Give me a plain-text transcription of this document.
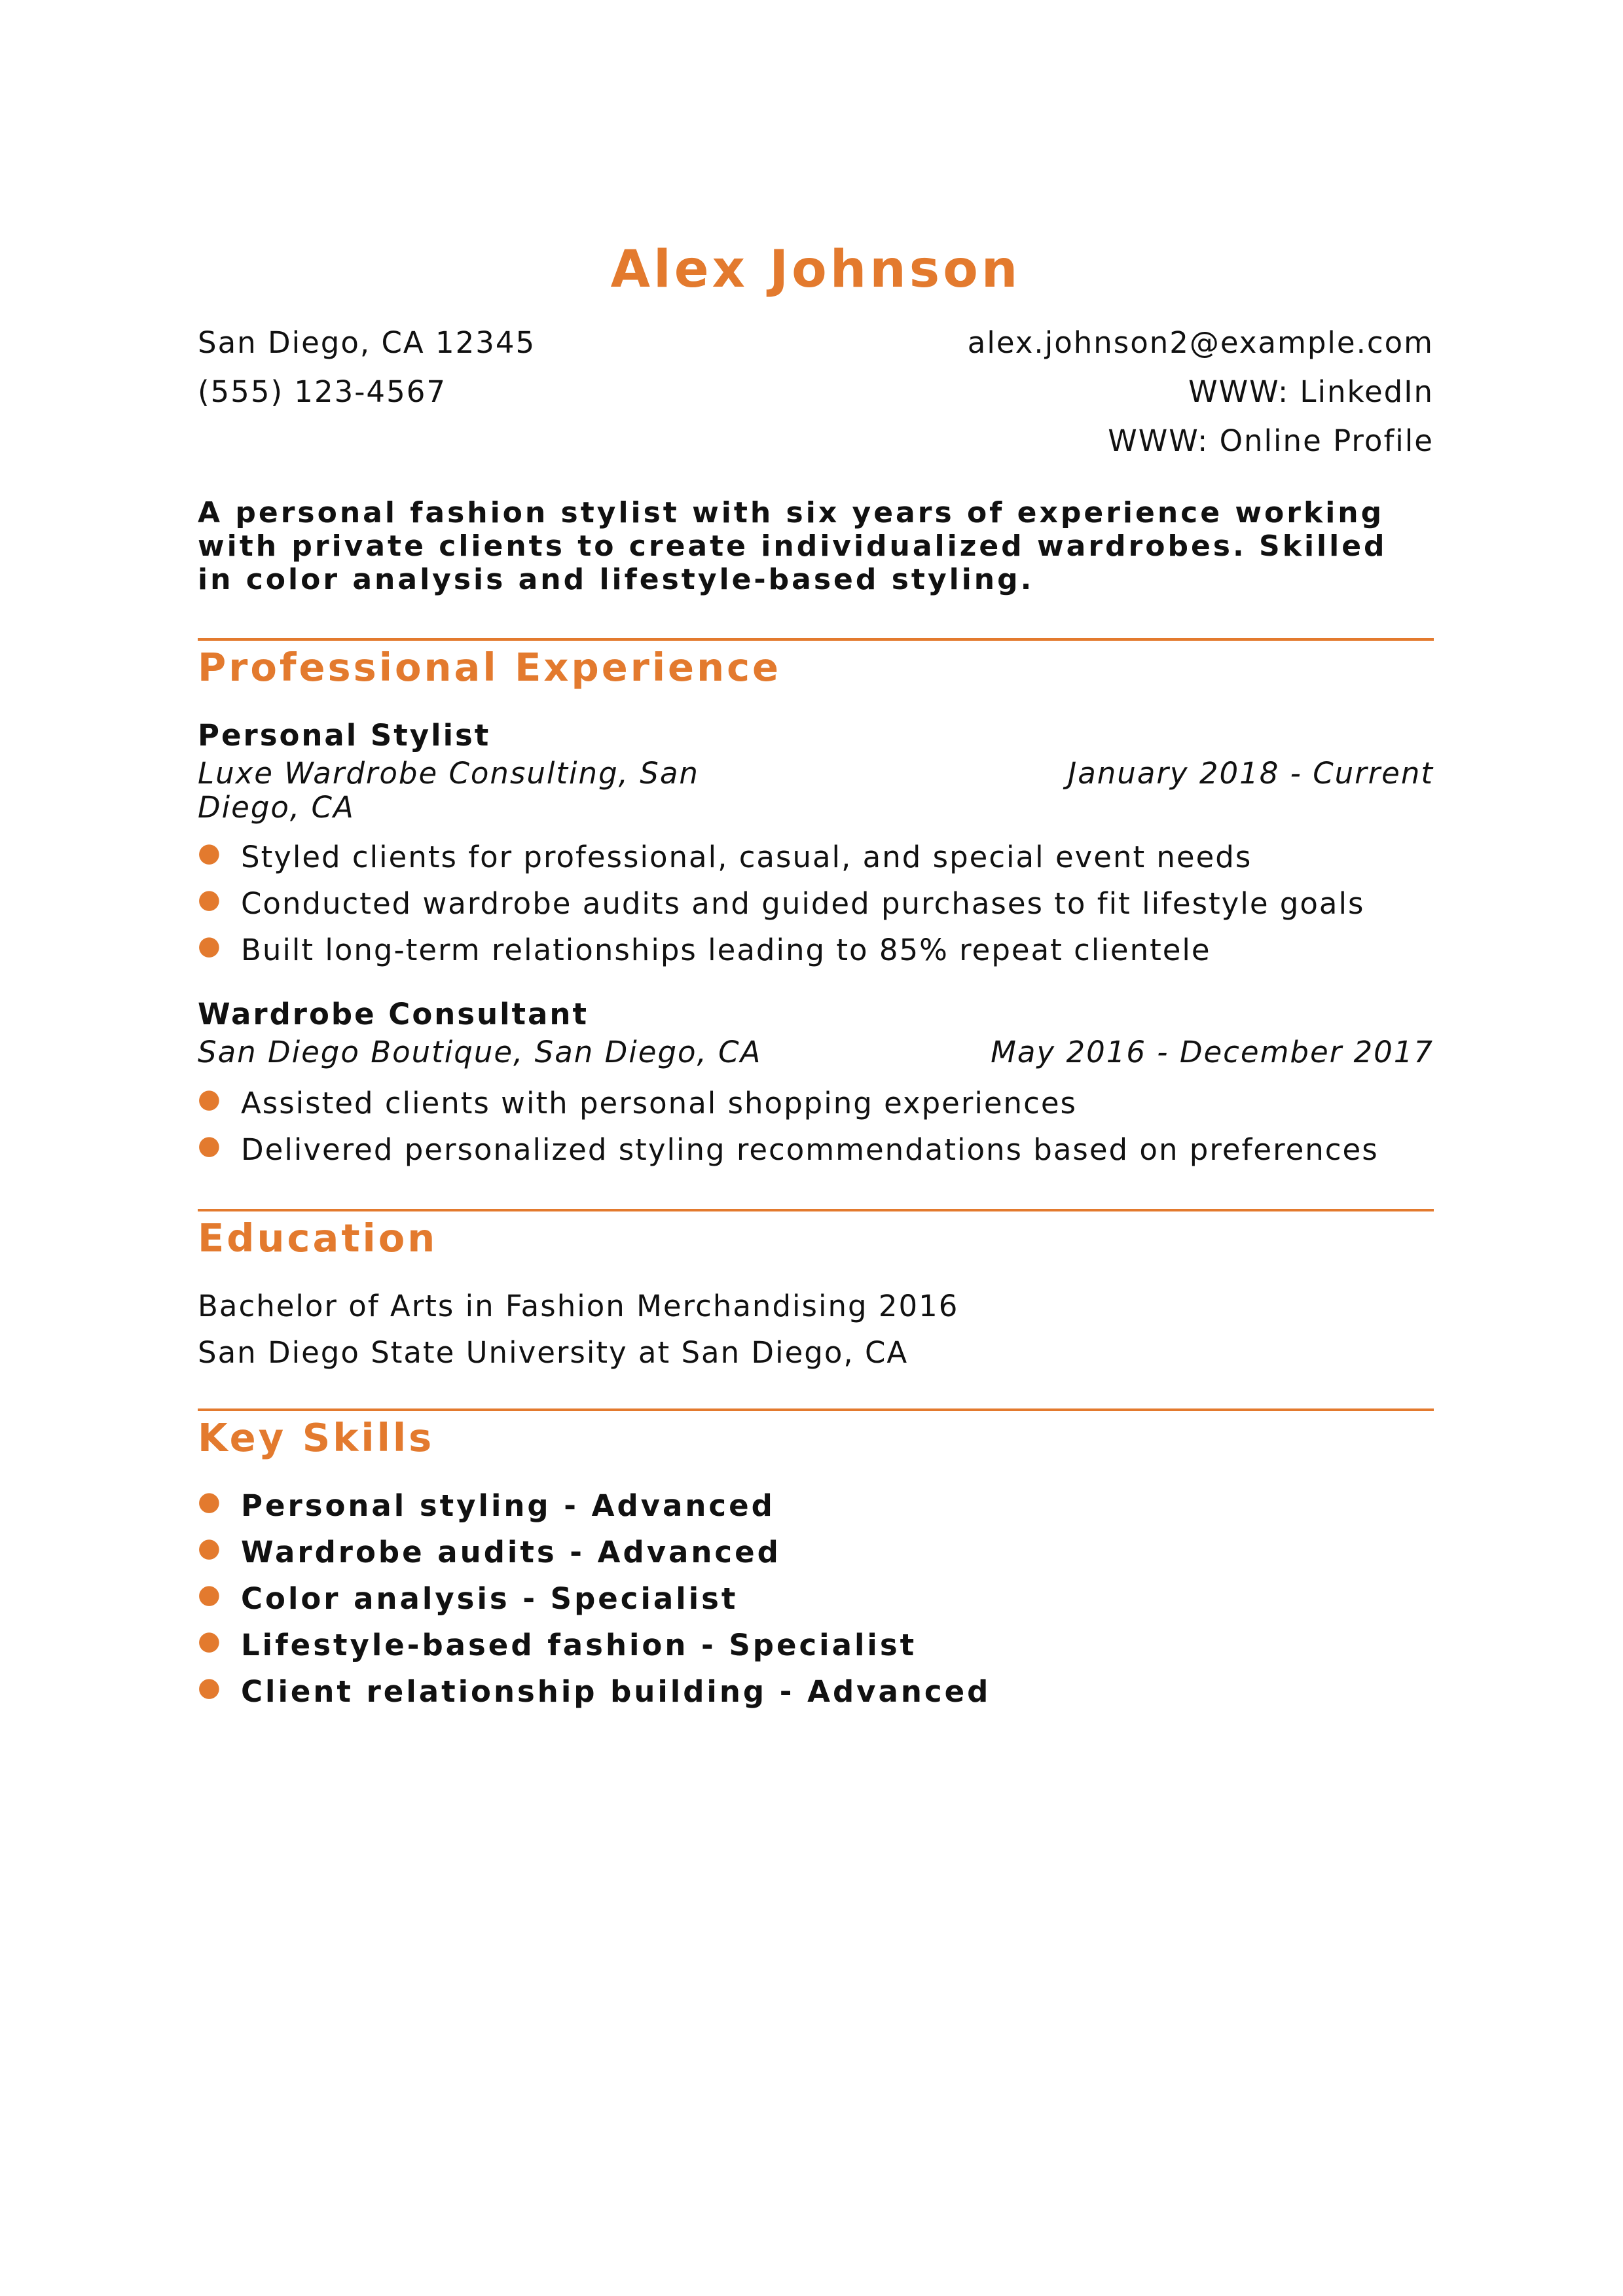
Alex Johnson
San Diego, CA 12345
(555) 123-4567
alex.johnson2@example.com
WWW: LinkedIn
WWW: Online Profile
A personal fashion stylist with six years of experience working with private clients to create individualized wardrobes. Skilled in color analysis and lifestyle-based styling.
Professional Experience
Personal Stylist
Luxe Wardrobe Consulting, San Diego, CA
January 2018 - Current
● Styled clients for professional, casual, and special event needs
● Conducted wardrobe audits and guided purchases to fit lifestyle goals
● Built long-term relationships leading to 85% repeat clientele
Wardrobe Consultant
San Diego Boutique, San Diego, CA	May 2016 - December 2017
● Assisted clients with personal shopping experiences
● Delivered personalized styling recommendations based on preferences
Education
Bachelor of Arts in Fashion Merchandising 2016
San Diego State University at San Diego, CA
Key Skills
● Personal styling - Advanced
● Wardrobe audits - Advanced
● Color analysis - Specialist
● Lifestyle-based fashion - Specialist
● Client relationship building - Advanced
